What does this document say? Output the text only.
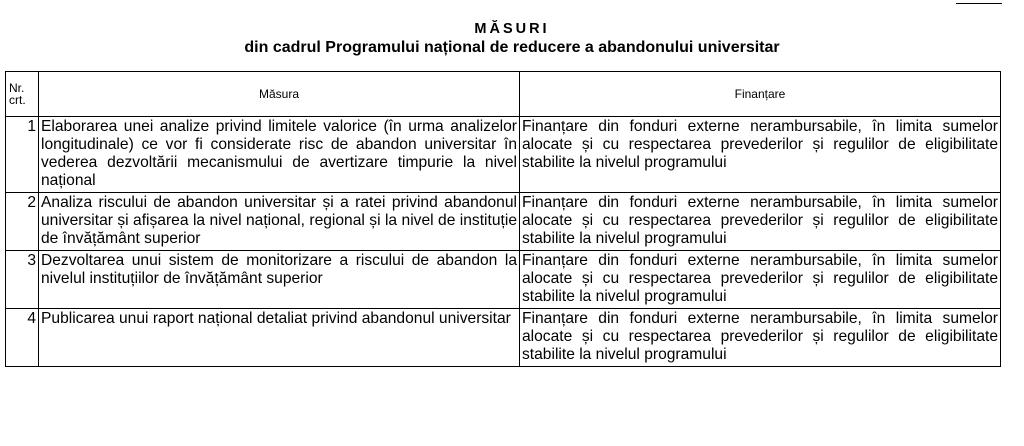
MĂSURI
din cadrul Programului național de reducere a abandonului universitar
Nr.
crt.	Măsura	Finanțare
1	Elaborarea unei analize privind limitele valorice (în urma analizelor longitudinale) ce vor fi considerate risc de abandon universitar în vederea dezvoltării mecanismului de avertizare timpurie la nivel național	Finanțare din fonduri externe nerambursabile, în limita sumelor alocate și cu respectarea prevederilor și regulilor de eligibilitate stabilite la nivelul programului
2	Analiza riscului de abandon universitar și a ratei privind abandonul universitar și afișarea la nivel național, regional și la nivel de instituție de învățământ superior	Finanțare din fonduri externe nerambursabile, în limita sumelor alocate și cu respectarea prevederilor și regulilor de eligibilitate stabilite la nivelul programului
3	Dezvoltarea unui sistem de monitorizare a riscului de abandon la nivelul instituțiilor de învățământ superior	Finanțare din fonduri externe nerambursabile, în limita sumelor alocate și cu respectarea prevederilor și regulilor de eligibilitate stabilite la nivelul programului
4	Publicarea unui raport național detaliat privind abandonul universitar	Finanțare din fonduri externe nerambursabile, în limita sumelor alocate și cu respectarea prevederilor și regulilor de eligibilitate stabilite la nivelul programului
